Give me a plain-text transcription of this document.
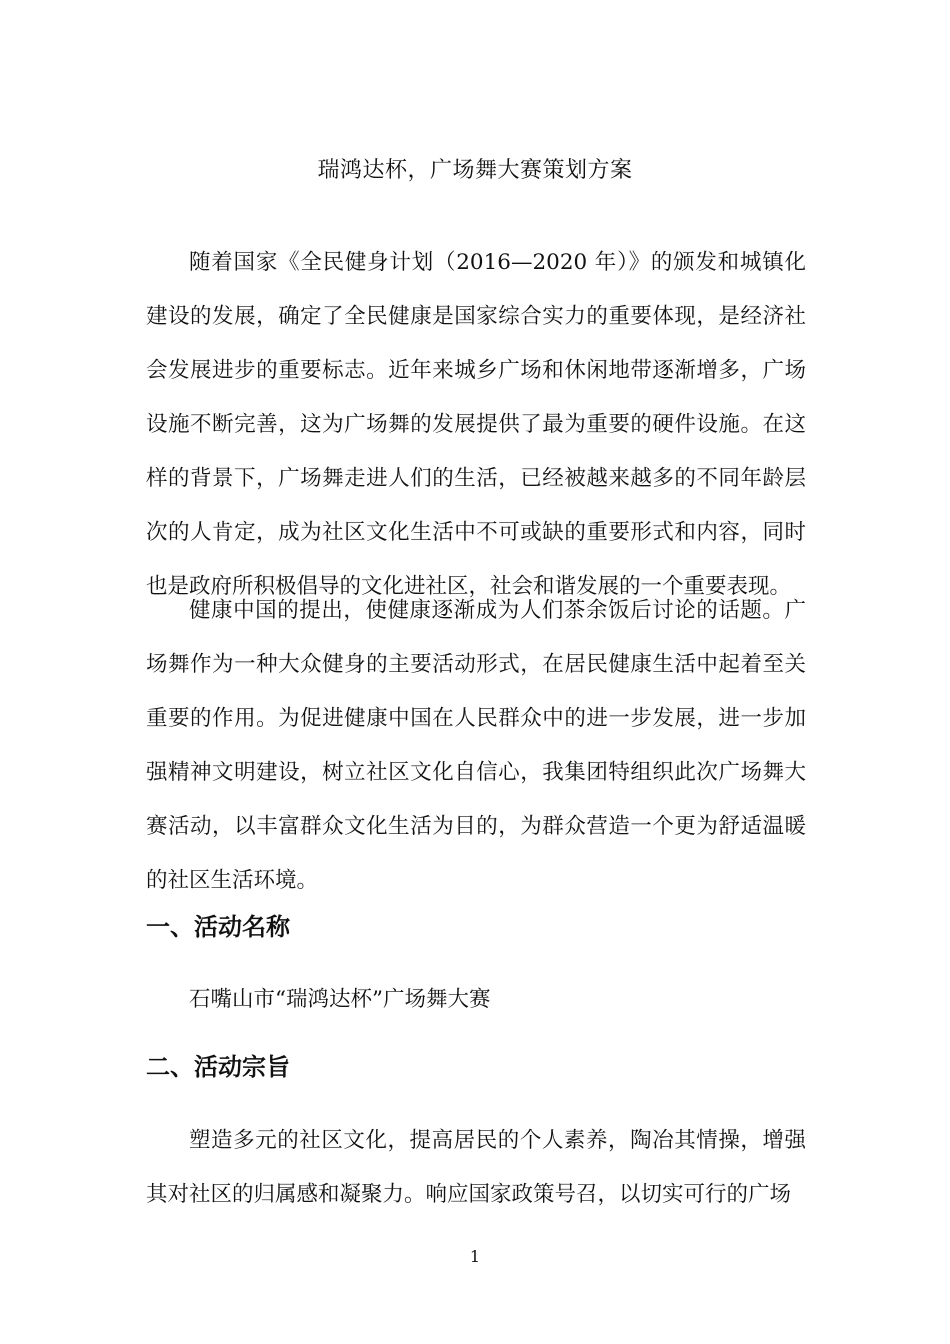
瑞鸿达杯，广场舞大赛策划方案

随着国家《全民健身计划（2016—2020 年）》的颁发和城镇化建设的发展，确定了全民健康是国家综合实力的重要体现，是经济社会发展进步的重要标志。近年来城乡广场和休闲地带逐渐增多，广场设施不断完善，这为广场舞的发展提供了最为重要的硬件设施。在这样的背景下，广场舞走进人们的生活，已经被越来越多的不同年龄层次的人肯定，成为社区文化生活中不可或缺的重要形式和内容，同时也是政府所积极倡导的文化进社区，社会和谐发展的一个重要表现。

健康中国的提出，使健康逐渐成为人们茶余饭后讨论的话题。广场舞作为一种大众健身的主要活动形式，在居民健康生活中起着至关重要的作用。为促进健康中国在人民群众中的进一步发展，进一步加强精神文明建设，树立社区文化自信心，我集团特组织此次广场舞大赛活动，以丰富群众文化生活为目的，为群众营造一个更为舒适温暖的社区生活环境。

一、活动名称

石嘴山市“瑞鸿达杯”广场舞大赛

二、活动宗旨

塑造多元的社区文化，提高居民的个人素养，陶冶其情操，增强其对社区的归属感和凝聚力。响应国家政策号召，以切实可行的广场

1
